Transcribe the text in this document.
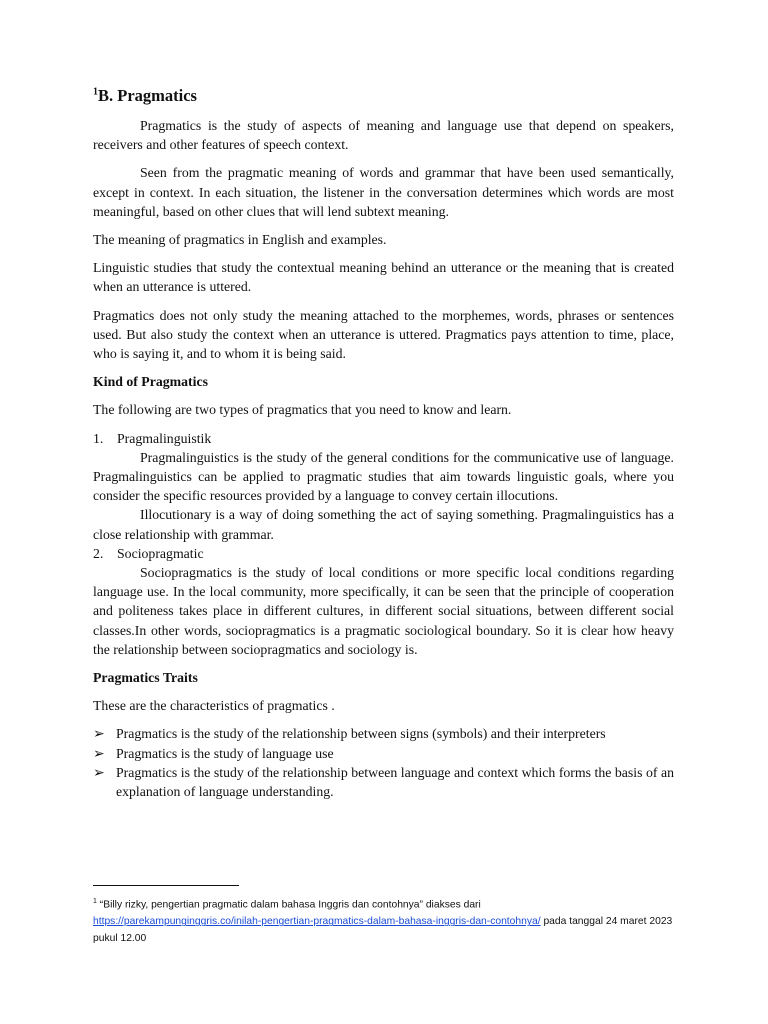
$^1$B. Pragmatics

Pragmatics is the study of aspects of meaning and language use that depend on speakers, receivers and other features of speech context.

Seen from the pragmatic meaning of words and grammar that have been used semantically, except in context. In each situation, the listener in the conversation determines which words are most meaningful, based on other clues that will lend subtext meaning.

The meaning of pragmatics in English and examples.

Linguistic studies that study the contextual meaning behind an utterance or the meaning that is created when an utterance is uttered.

Pragmatics does not only study the meaning attached to the morphemes, words, phrases or sentences used. But also study the context when an utterance is uttered. Pragmatics pays attention to time, place, who is saying it, and to whom it is being said.

Kind of Pragmatics

The following are two types of pragmatics that you need to know and learn.

1. Pragmalinguistik

Pragmalinguistics is the study of the general conditions for the communicative use of language. Pragmalinguistics can be applied to pragmatic studies that aim towards linguistic goals, where you consider the specific resources provided by a language to convey certain illocutions.

Illocutionary is a way of doing something the act of saying something. Pragmalinguistics has a close relationship with grammar.

2. Sociopragmatic

Sociopragmatics is the study of local conditions or more specific local conditions regarding language use. In the local community, more specifically, it can be seen that the principle of cooperation and politeness takes place in different cultures, in different social situations, between different social classes.In other words, sociopragmatics is a pragmatic sociological boundary. So it is clear how heavy the relationship between sociopragmatics and sociology is.

Pragmatics Traits

These are the characteristics of pragmatics .

➢ Pragmatics is the study of the relationship between signs (symbols) and their interpreters
➢ Pragmatics is the study of language use
➢ Pragmatics is the study of the relationship between language and context which forms the basis of an explanation of language understanding.
$^1$ “Billy rizky, pengertian pragmatic dalam bahasa Inggris dan contohnya” diakses dari
https://parekampunginggris.co/inilah-pengertian-pragmatics-dalam-bahasa-inggris-dan-contohnya/ pada tanggal 24 maret 2023 pukul 12.00
